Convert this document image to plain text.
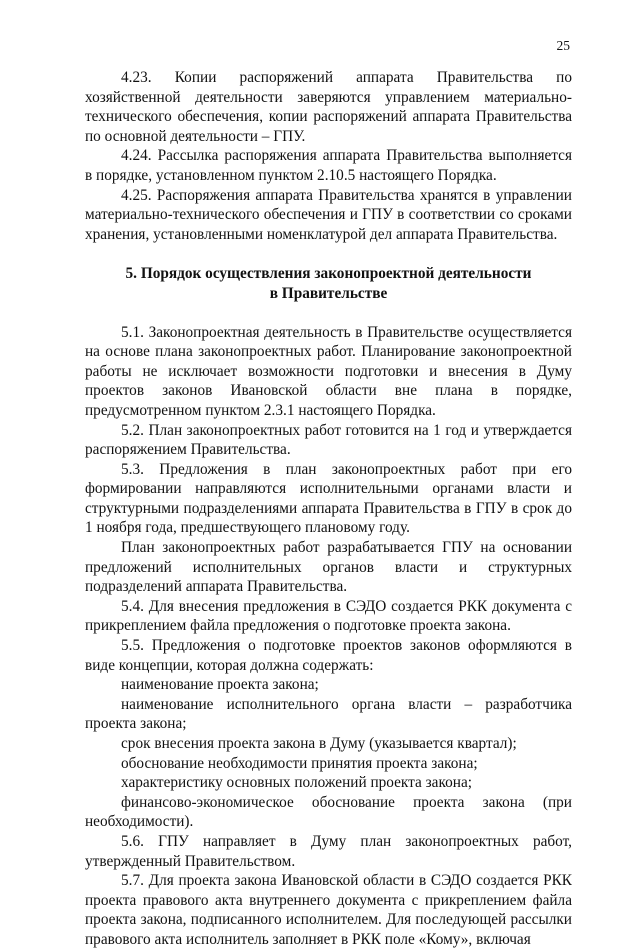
25

4.23. Копии распоряжений аппарата Правительства по хозяйственной деятельности заверяются управлением материально-технического обеспечения, копии распоряжений аппарата Правительства по основной деятельности – ГПУ.

4.24. Рассылка распоряжения аппарата Правительства выполняется в порядке, установленном пунктом 2.10.5 настоящего Порядка.

4.25. Распоряжения аппарата Правительства хранятся в управлении материально-технического обеспечения и ГПУ в соответствии со сроками хранения, установленными номенклатурой дел аппарата Правительства.

5. Порядок осуществления законопроектной деятельности
в Правительстве

5.1. Законопроектная деятельность в Правительстве осуществляется на основе плана законопроектных работ. Планирование законопроектной работы не исключает возможности подготовки и внесения в Думу проектов законов Ивановской области вне плана в порядке, предусмотренном пунктом 2.3.1 настоящего Порядка.

5.2. План законопроектных работ готовится на 1 год и утверждается распоряжением Правительства.

5.3. Предложения в план законопроектных работ при его формировании направляются исполнительными органами власти и структурными подразделениями аппарата Правительства в ГПУ в срок до 1 ноября года, предшествующего плановому году.

План законопроектных работ разрабатывается ГПУ на основании предложений исполнительных органов власти и структурных подразделений аппарата Правительства.

5.4. Для внесения предложения в СЭДО создается РКК документа с прикреплением файла предложения о подготовке проекта закона.

5.5. Предложения о подготовке проектов законов оформляются в виде концепции, которая должна содержать:

наименование проекта закона;

наименование исполнительного органа власти – разработчика проекта закона;

срок внесения проекта закона в Думу (указывается квартал);

обоснование необходимости принятия проекта закона;

характеристику основных положений проекта закона;

финансово-экономическое обоснование проекта закона (при необходимости).

5.6. ГПУ направляет в Думу план законопроектных работ, утвержденный Правительством.

5.7. Для проекта закона Ивановской области в СЭДО создается РКК проекта правового акта внутреннего документа с прикреплением файла проекта закона, подписанного исполнителем. Для последующей рассылки правового акта исполнитель заполняет в РКК поле «Кому», включая
